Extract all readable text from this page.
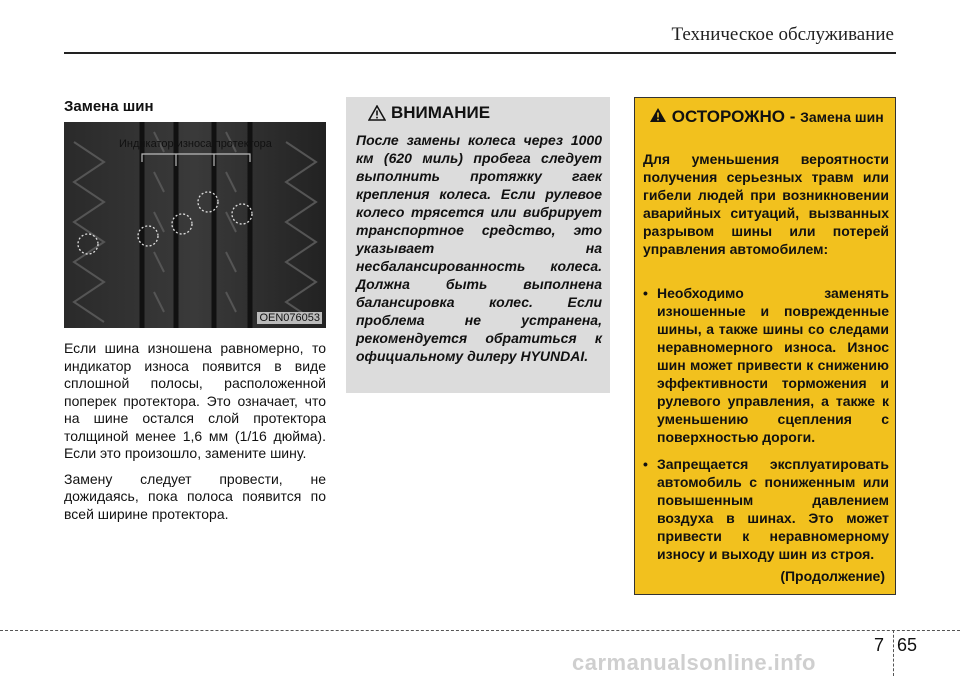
Техническое обслуживание
Замена шин
Индикатор износа протектора
OEN076053

Если шина изношена равномерно, то индикатор износа появится в виде сплошной полосы, расположенной поперек протектора. Это означает, что на шине остался слой протектора толщиной менее 1,6 мм (1/16 дюйма). Если это произошло, замените шину.

Замену следует провести, не дожидаясь, пока полоса появится по всей ширине протектора.

ВНИМАНИЕ
После замены колеса через 1000 км (620 миль) пробега следует выполнить протяжку гаек крепления колеса. Если рулевое колесо трясется или вибрирует транспортное средство, это указывает на несбалансированность колеса. Должна быть выполнена балансировка колес. Если проблема не устранена, рекомендуется обратиться к официальному дилеру HYUNDAI.
ОСТОРОЖНО - Замена шин
Для уменьшения вероятности получения серьезных травм или гибели людей при возникновении аварийных ситуаций, вызванных разрывом шины или потерей управления автомобилем:
• Необходимо заменять изношенные и поврежденные шины, а также шины со следами неравномерного износа. Износ шин может привести к снижению эффективности торможения и рулевого управления, а также к уменьшению сцепления с поверхностью дороги.
• Запрещается эксплуатировать автомобиль с пониженным или повышенным давлением воздуха в шинах. Это может привести к неравномерному износу и выходу шин из строя.
(Продолжение)
7 65
carmanualsonline.info
